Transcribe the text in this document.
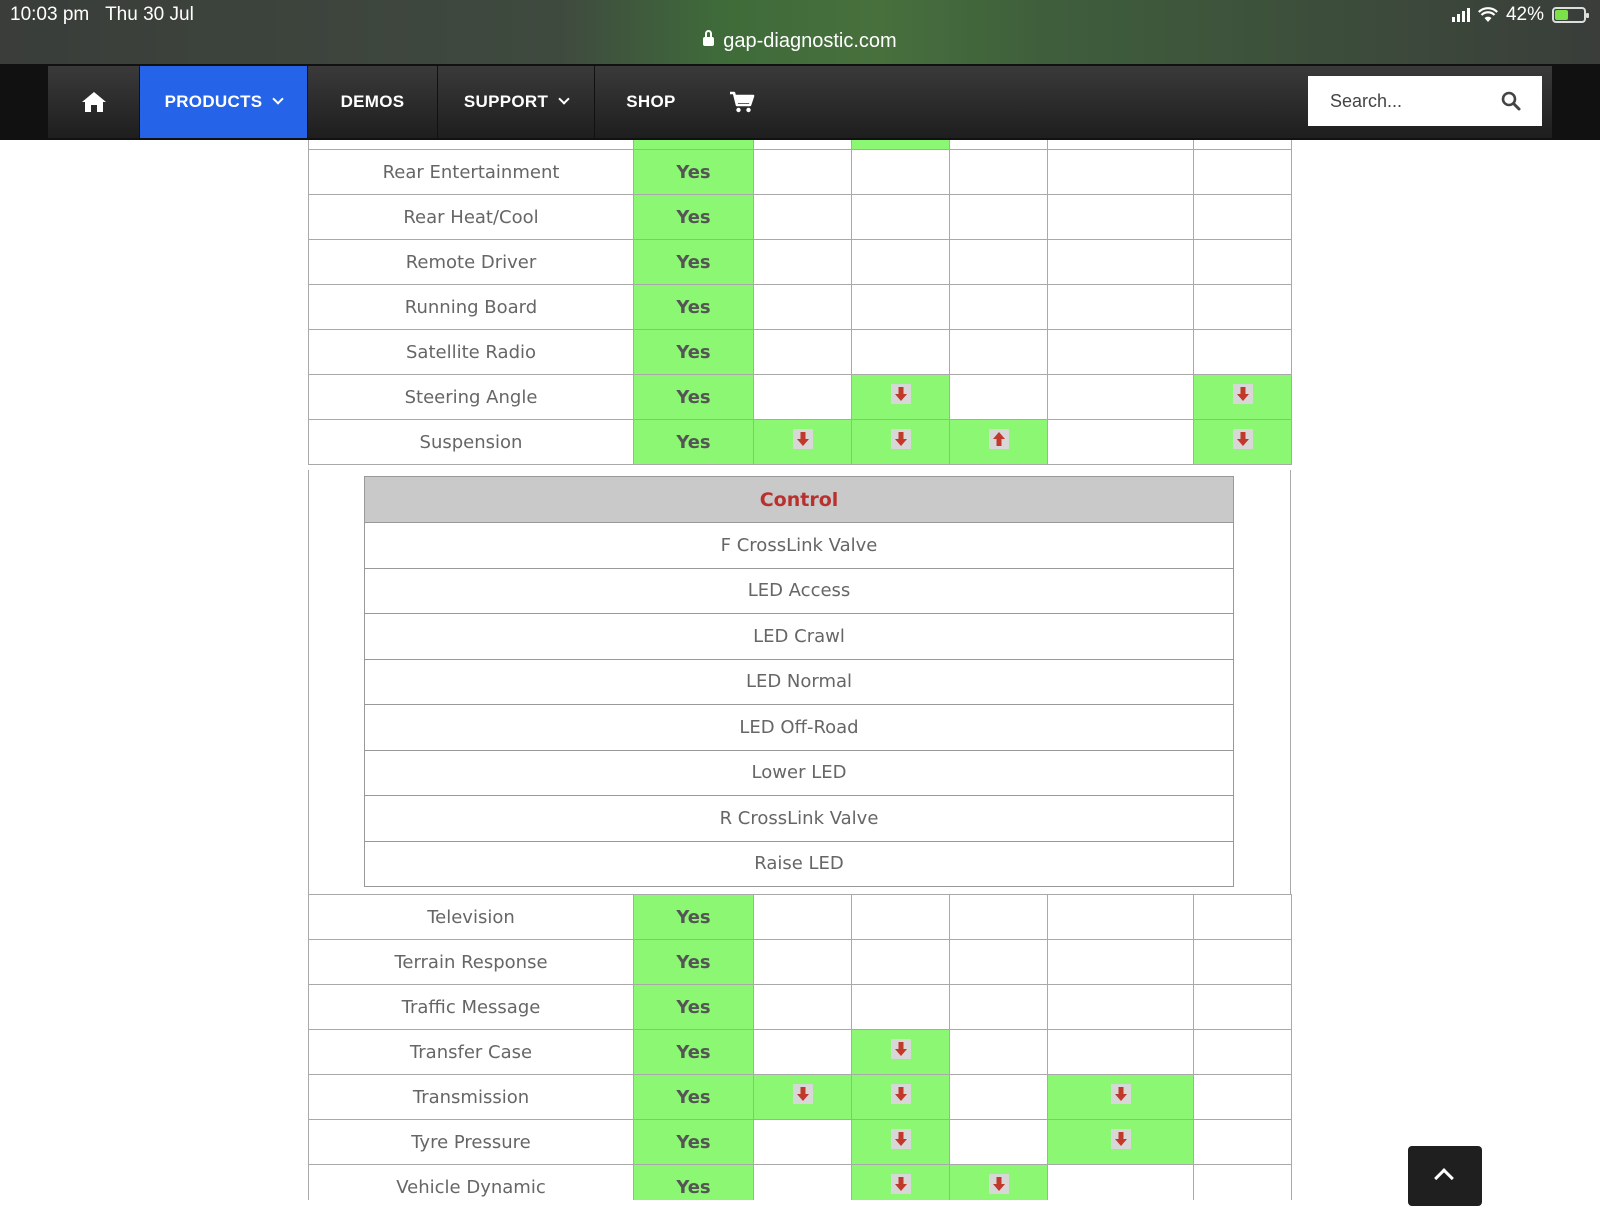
10:03 pm Thu 30 Jul
gap-diagnostic.com
42%
PRODUCTS	DEMOS	SUPPORT	SHOP
Search...

Rear Entertainment	Yes					
Rear Heat/Cool	Yes					
Remote Driver	Yes					
Running Board	Yes					
Satellite Radio	Yes					
Steering Angle	Yes		

Suspension	Yes	

Control
F CrossLink Valve
LED Access
LED Crawl
LED Normal
LED Off-Road
Lower LED
R CrossLink Valve
Raise LED
Television	Yes					
Terrain Response	Yes					
Traffic Message	Yes					
Transfer Case	Yes		

Transmission	Yes	

Tyre Pressure	Yes		

Vehicle Dynamic	Yes		
